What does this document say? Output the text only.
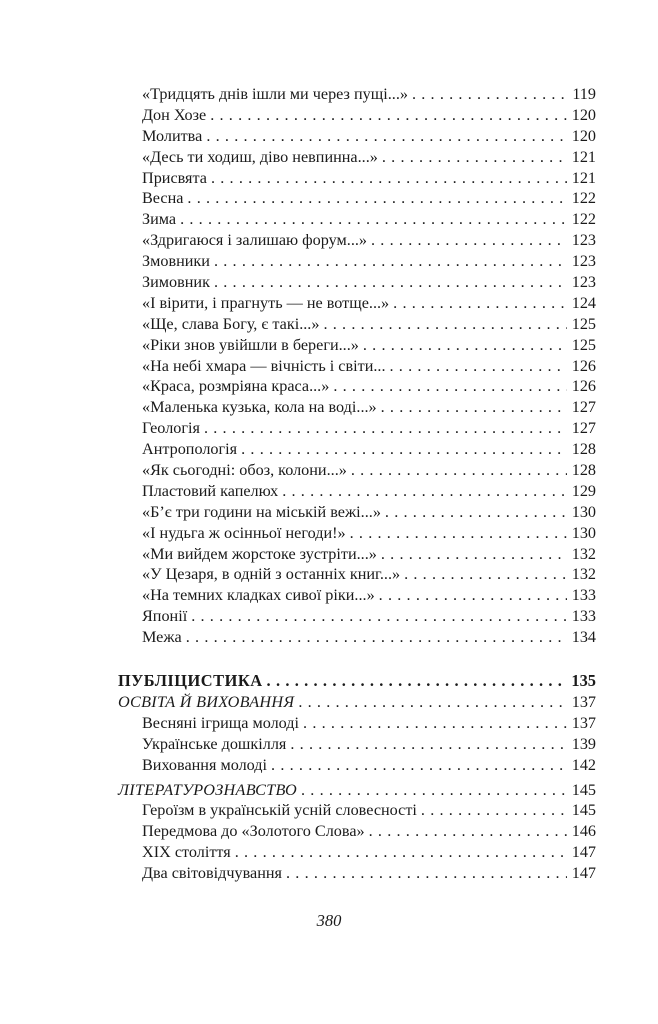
«Тридцять днів ішли ми через пущі...» . . .	119
Дон Хозе . . .	120
Молитва . . .	120
«Десь ти ходиш, діво невпинна...» . . .	121
Присвята . . .	121
Весна . . .	122
Зима . . .	122
«Здригаюся і залишаю форум...» . . .	123
Змовники . . .	123
Зимовник . . .	123
«І вірити, і прагнуть — не вотще...» . . .	124
«Ще, слава Богу, є такі...» . . .	125
«Ріки знов увійшли в береги...» . . .	125
«На небі хмара — вічність і світи... . . .	126
«Краса, розмріяна краса...» . . .	126
«Маленька кузька, кола на воді...» . . .	127
Геологія . . .	127
Антропологія . . .	128
«Як сьогодні: обоз, колони...» . . .	128
Пластовий капелюх . . .	129
«Б’є три години на міській вежі...» . . .	130
«І нудьга ж осінньої негоди!» . . .	130
«Ми вийдем жорстоке зустріти...» . . .	132
«У Цезаря, в одній з останніх книг...» . . .	132
«На темних кладках сивої ріки...» . . .	133
Японії . . .	133
Межа . . .	134
ПУБЛІЦИСТИКА . . .	135
ОСВІТА Й ВИХОВАННЯ . . .	137
Весняні ігрища молоді . . .	137
Українське дошкілля . . .	139
Виховання молоді . . .	142
ЛІТЕРАТУРОЗНАВСТВО . . .	145
Героїзм в українській усній словесності . . .	145
Передмова до «Золотого Слова» . . .	146
XIX століття . . .	147
Два світовідчування . . .	147
380
